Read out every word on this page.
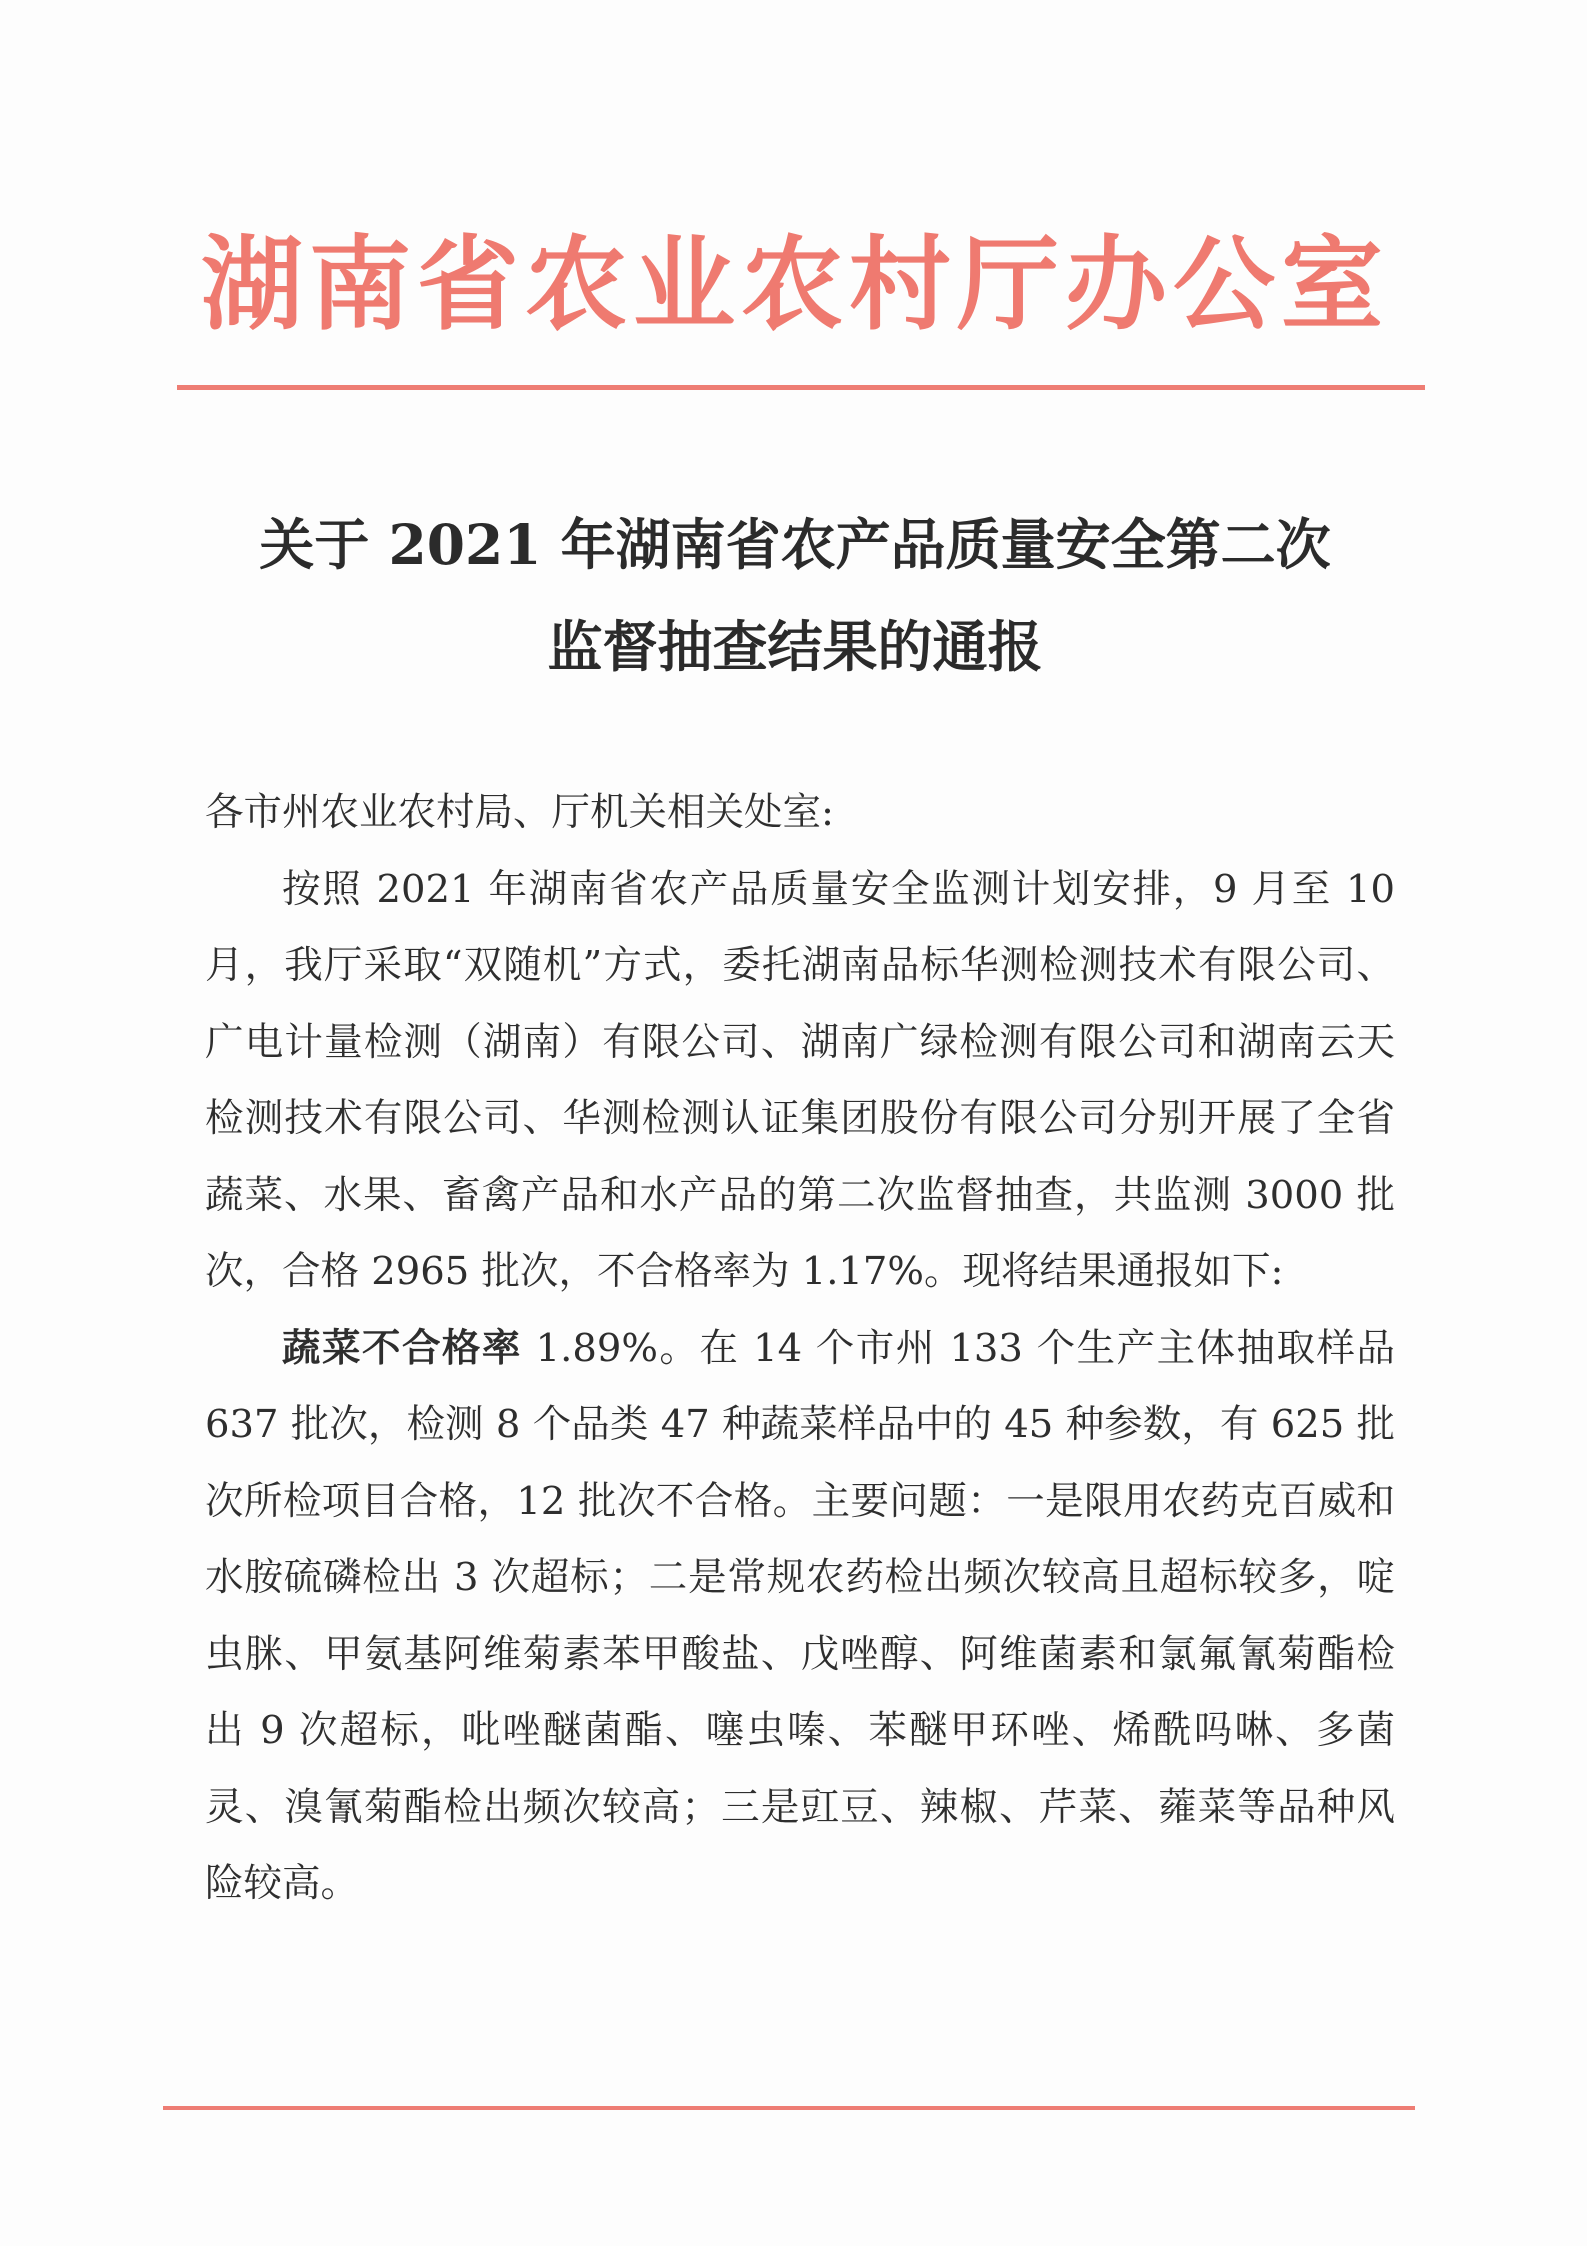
湖南省农业农村厅办公室
关于 2021 年湖南省农产品质量安全第二次
监督抽查结果的通报

各市州农业农村局、厅机关相关处室:

按照 2021 年湖南省农产品质量安全监测计划安排，9 月至 10 月，我厅采取“双随机”方式，委托湖南品标华测检测技术有限公司、广电计量检测（湖南）有限公司、湖南广绿检测有限公司和湖南云天检测技术有限公司、华测检测认证集团股份有限公司分别开展了全省蔬菜、水果、畜禽产品和水产品的第二次监督抽查，共监测 3000 批次，合格 2965 批次，不合格率为 1.17%。现将结果通报如下:

蔬菜不合格率 1.89%。在 14 个市州 133 个生产主体抽取样品 637 批次，检测 8 个品类 47 种蔬菜样品中的 45 种参数，有 625 批次所检项目合格，12 批次不合格。主要问题：一是限用农药克百威和水胺硫磷检出 3 次超标；二是常规农药检出频次较高且超标较多，啶虫脒、甲氨基阿维菊素苯甲酸盐、戊唑醇、阿维菌素和氯氟氰菊酯检出 9 次超标，吡唑醚菌酯、噻虫嗪、苯醚甲环唑、烯酰吗啉、多菌灵、溴氰菊酯检出频次较高；三是豇豆、辣椒、芹菜、蕹菜等品种风险较高。
